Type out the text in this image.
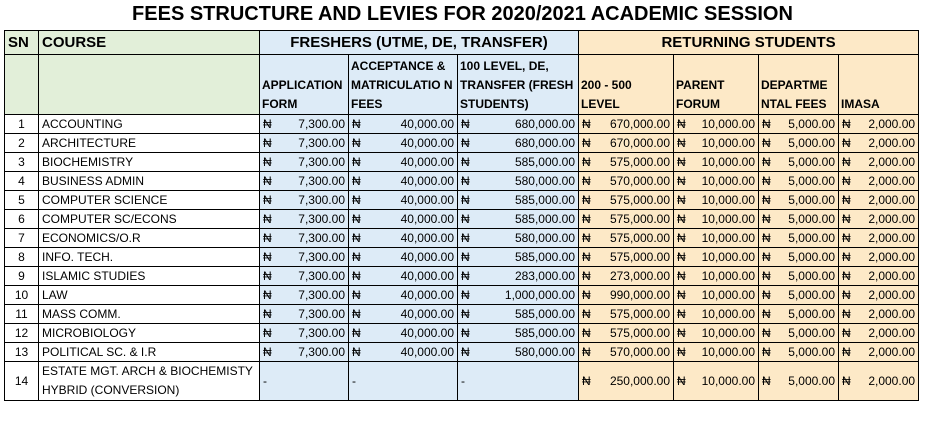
FEES STRUCTURE AND LEVIES FOR 2020/2021 ACADEMIC SESSION
SN	COURSE	FRESHERS (UTME, DE, TRANSFER)			RETURNING STUDENTS			
		APPLICATION FORM	ACCEPTANCE & MATRICULATIO N FEES	100 LEVEL, DE, TRANSFER (FRESH STUDENTS)	200 - 500 LEVEL	PARENT FORUM	DEPARTME NTAL FEES	IMASA
1	ACCOUNTING	₦ 7,300.00	₦ 40,000.00	₦ 680,000.00	₦ 670,000.00	₦ 10,000.00	₦ 5,000.00	₦ 2,000.00

2	ARCHITECTURE	₦ 7,300.00	₦ 40,000.00	₦ 680,000.00	₦ 670,000.00	₦ 10,000.00	₦ 5,000.00	₦ 2,000.00

3	BIOCHEMISTRY	₦ 7,300.00	₦ 40,000.00	₦ 585,000.00	₦ 575,000.00	₦ 10,000.00	₦ 5,000.00	₦ 2,000.00

4	BUSINESS ADMIN	₦ 7,300.00	₦ 40,000.00	₦ 580,000.00	₦ 570,000.00	₦ 10,000.00	₦ 5,000.00	₦ 2,000.00

5	COMPUTER SCIENCE	₦ 7,300.00	₦ 40,000.00	₦ 585,000.00	₦ 575,000.00	₦ 10,000.00	₦ 5,000.00	₦ 2,000.00

6	COMPUTER SC/ECONS	₦ 7,300.00	₦ 40,000.00	₦ 585,000.00	₦ 575,000.00	₦ 10,000.00	₦ 5,000.00	₦ 2,000.00

7	ECONOMICS/O.R	₦ 7,300.00	₦ 40,000.00	₦ 580,000.00	₦ 575,000.00	₦ 10,000.00	₦ 5,000.00	₦ 2,000.00

8	INFO. TECH.	₦ 7,300.00	₦ 40,000.00	₦ 585,000.00	₦ 575,000.00	₦ 10,000.00	₦ 5,000.00	₦ 2,000.00

9	ISLAMIC STUDIES	₦ 7,300.00	₦ 40,000.00	₦ 283,000.00	₦ 273,000.00	₦ 10,000.00	₦ 5,000.00	₦ 2,000.00

10	LAW	₦ 7,300.00	₦ 40,000.00	₦ 1,000,000.00	₦ 990,000.00	₦ 10,000.00	₦ 5,000.00	₦ 2,000.00

11	MASS COMM.	₦ 7,300.00	₦ 40,000.00	₦ 585,000.00	₦ 575,000.00	₦ 10,000.00	₦ 5,000.00	₦ 2,000.00

12	MICROBIOLOGY	₦ 7,300.00	₦ 40,000.00	₦ 585,000.00	₦ 575,000.00	₦ 10,000.00	₦ 5,000.00	₦ 2,000.00

13	POLITICAL SC. & I.R	₦ 7,300.00	₦ 40,000.00	₦ 580,000.00	₦ 570,000.00	₦ 10,000.00	₦ 5,000.00	₦ 2,000.00

14	ESTATE MGT. ARCH & BIOCHEMISTY HYBRID (CONVERSION)	-	-	-	₦ 250,000.00	₦ 10,000.00	₦ 5,000.00	₦ 2,000.00
